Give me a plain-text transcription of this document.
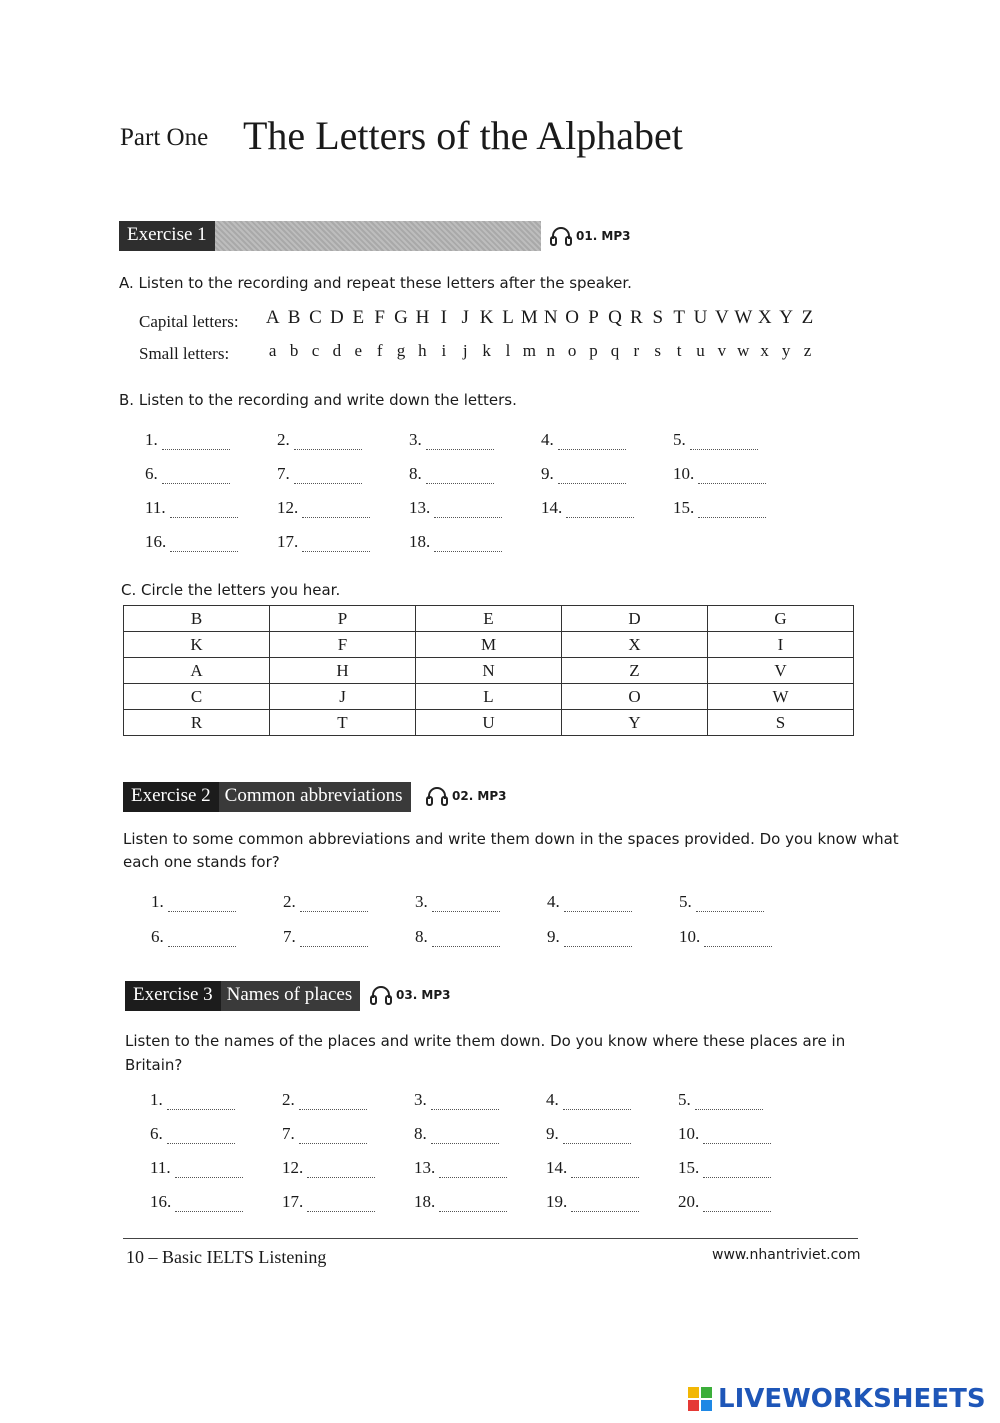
Part One The Letters of the Alphabet
Exercise 1	01. MP3
A. Listen to the recording and repeat these letters after the speaker.
Capital letters:
Small letters:
A B C D E F G H I J K L M N O P Q R S T U V W X Y Z
a b c d e f g h i j k l m n o p q r s t u v w x y z
B. Listen to the recording and write down the letters.
1.	2.	3.	4.	5.
6.	7.	8.	9.	10.
11.	12.	13.	14.	15.
16.	17.	18.
C. Circle the letters you hear.
B	P	E	D	G
K	F	M	X	I
A	H	N	Z	V
C	J	L	O	W
R	T	U	Y	S
Exercise 2 Common abbreviations	02. MP3
Listen to some common abbreviations and write them down in the spaces provided. Do you know what
each one stands for?
1.	2.	3.	4.	5.
6.	7.	8.	9.	10.
Exercise 3 Names of places	03. MP3
Listen to the names of the places and write them down. Do you know where these places are in
Britain?
1.	2.	3.	4.	5.
6.	7.	8.	9.	10.
11.	12.	13.	14.	15.
16.	17.	18.	19.	20.
10 – Basic IELTS Listening	www.nhantriviet.com
LIVEWORKSHEETS
